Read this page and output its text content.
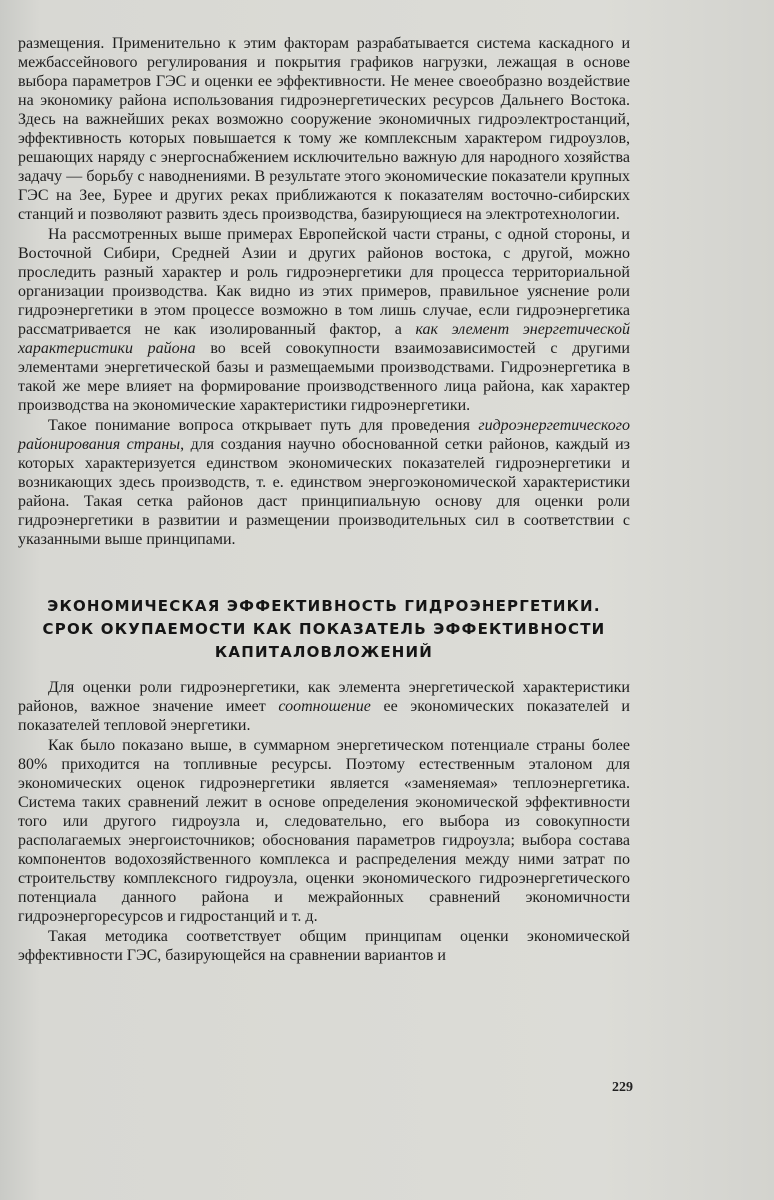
размещения. Применительно к этим факторам разрабатывается система каскадного и межбассейнового регулирования и покрытия графиков нагрузки, лежащая в основе выбора параметров ГЭС и оценки ее эффективности. Не менее своеобразно воздействие на экономику района использования гидроэнергетических ресурсов Дальнего Востока. Здесь на важнейших реках возможно сооружение экономичных гидроэлектростанций, эффективность которых повышается к тому же комплексным характером гидроузлов, решающих наряду с энергоснабжением исключительно важную для народного хозяйства задачу — борьбу с наводнениями. В результате этого экономические показатели крупных ГЭС на Зее, Бурее и других реках приближаются к показателям восточно-сибирских станций и позволяют развить здесь производства, базирующиеся на электротехнологии.

На рассмотренных выше примерах Европейской части страны, с одной стороны, и Восточной Сибири, Средней Азии и других районов востока, с другой, можно проследить разный характер и роль гидроэнергетики для процесса территориальной организации производства. Как видно из этих примеров, правильное уяснение роли гидроэнергетики в этом процессе возможно в том лишь случае, если гидроэнергетика рассматривается не как изолированный фактор, а как элемент энергетической характеристики района во всей совокупности взаимозависимостей с другими элементами энергетической базы и размещаемыми производствами. Гидроэнергетика в такой же мере влияет на формирование производственного лица района, как характер производства на экономические характеристики гидроэнергетики.

Такое понимание вопроса открывает путь для проведения гидроэнергетического районирования страны, для создания научно обоснованной сетки районов, каждый из которых характеризуется единством экономических показателей гидроэнергетики и возникающих здесь производств, т. е. единством энергоэкономической характеристики района. Такая сетка районов даст принципиальную основу для оценки роли гидроэнергетики в развитии и размещении производительных сил в соответствии с указанными выше принципами.

ЭКОНОМИЧЕСКАЯ ЭФФЕКТИВНОСТЬ ГИДРОЭНЕРГЕТИКИ.
СРОК ОКУПАЕМОСТИ КАК ПОКАЗАТЕЛЬ ЭФФЕКТИВНОСТИ
КАПИТАЛОВЛОЖЕНИЙ

Для оценки роли гидроэнергетики, как элемента энергетической характеристики районов, важное значение имеет соотношение ее экономических показателей и показателей тепловой энергетики.

Как было показано выше, в суммарном энергетическом потенциале страны более 80% приходится на топливные ресурсы. Поэтому естественным эталоном для экономических оценок гидроэнергетики является «заменяемая» теплоэнергетика. Система таких сравнений лежит в основе определения экономической эффективности того или другого гидроузла и, следовательно, его выбора из совокупности располагаемых энергоисточников; обоснования параметров гидроузла; выбора состава компонентов водохозяйственного комплекса и распределения между ними затрат по строительству комплексного гидроузла, оценки экономического гидроэнергетического потенциала данного района и межрайонных сравнений экономичности гидроэнергоресурсов и гидростанций и т. д.

Такая методика соответствует общим принципам оценки экономической эффективности ГЭС, базирующейся на сравнении вариантов и

229
